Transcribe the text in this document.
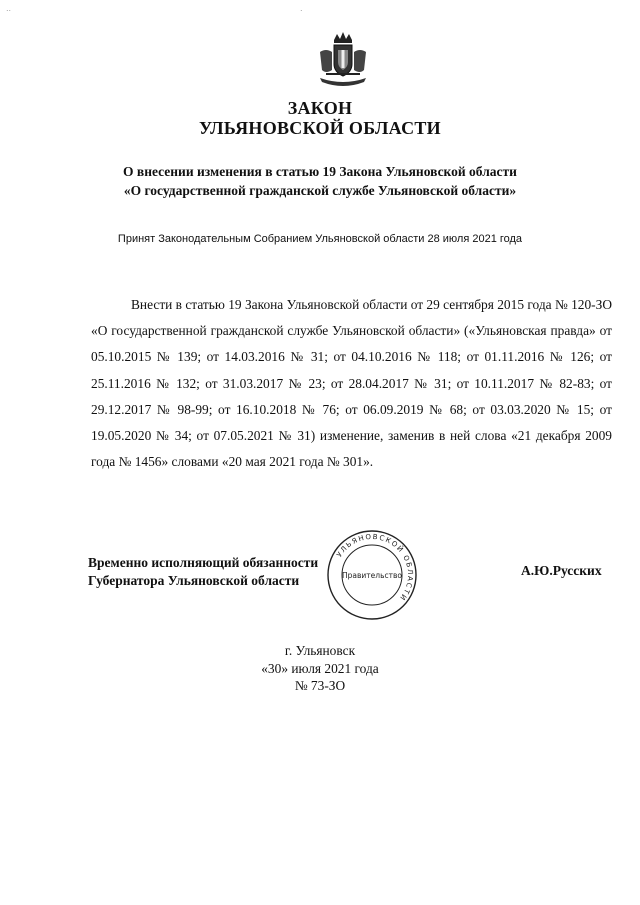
..	.
ЗАКОН
УЛЬЯНОВСКОЙ ОБЛАСТИ
О внесении изменения в статью 19 Закона Ульяновской области
«О государственной гражданской службе Ульяновской области»
Принят Законодательным Собранием Ульяновской области 28 июля 2021 года
Внести в статью 19 Закона Ульяновской области от 29 сентября 2015 года № 120-ЗО «О государственной гражданской службе Ульяновской области» («Ульяновская правда» от 05.10.2015 № 139; от 14.03.2016 № 31; от 04.10.2016 № 118; от 01.11.2016 № 126; от 25.11.2016 № 132; от 31.03.2017 № 23; от 28.04.2017 № 31; от 10.11.2017 № 82-83; от 29.12.2017 № 98-99; от 16.10.2018 № 76; от 06.09.2019 № 68; от 03.03.2020 № 15; от 19.05.2020 № 34; от 07.05.2021 № 31) изменение, заменив в ней слова «21 декабря 2009 года № 1456» словами «20 мая 2021 года № 301».
УЛЬЯНОВСКОЙ ОБЛАСТИ
Правительство
Временно исполняющий обязанности
Губернатора Ульяновской области
А.Ю.Русских
г. Ульяновск
«30» июля 2021 года
№ 73-ЗО
